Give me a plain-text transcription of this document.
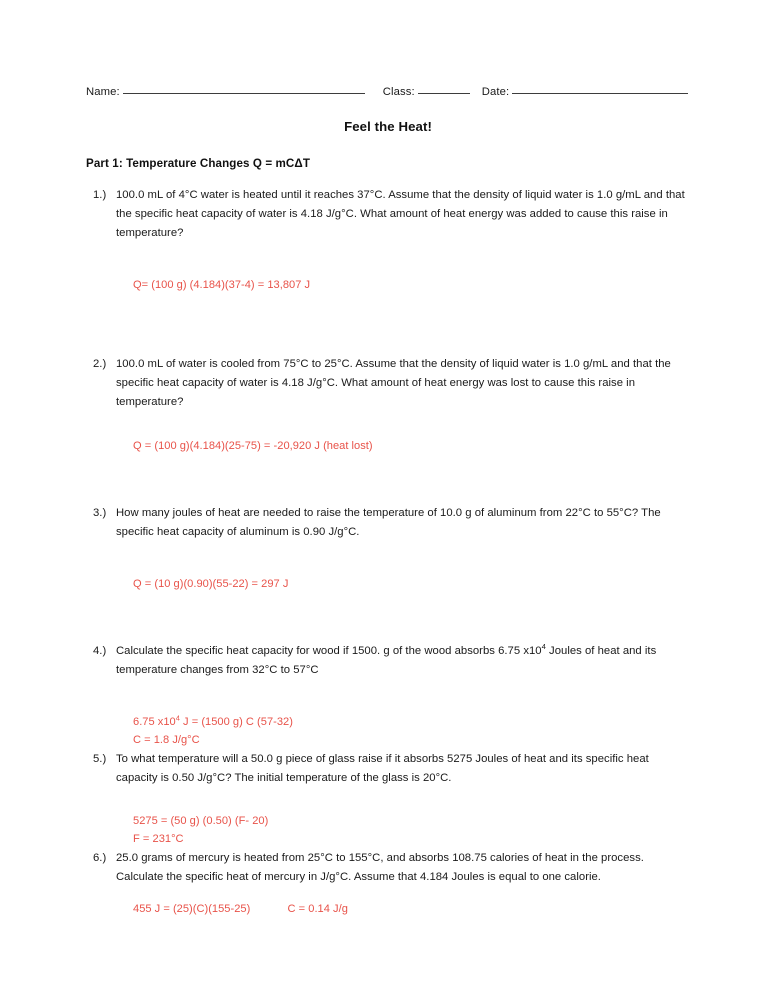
Name:	Class:	Date:
Feel the Heat!
Part 1: Temperature Changes Q = mCΔT
1.) 100.0 mL of 4°C water is heated until it reaches 37°C. Assume that the density of liquid water is 1.0 g/mL and that the specific heat capacity of water is 4.18 J/g°C. What amount of heat energy was added to cause this raise in temperature?
Q= (100 g) (4.184)(37-4) = 13,807 J
2.) 100.0 mL of water is cooled from 75°C to 25°C. Assume that the density of liquid water is 1.0 g/mL and that the specific heat capacity of water is 4.18 J/g°C. What amount of heat energy was lost to cause this raise in temperature?
Q = (100 g)(4.184)(25-75) = -20,920 J (heat lost)
3.) How many joules of heat are needed to raise the temperature of 10.0 g of aluminum from 22°C to 55°C? The specific heat capacity of aluminum is 0.90 J/g°C.
Q = (10 g)(0.90)(55-22) = 297 J
4.) Calculate the specific heat capacity for wood if 1500. g of the wood absorbs 6.75 $x10^4$ Joules of heat and its temperature changes from 32°C to 57°C
6.75 $x10^4$ J = (1500 g) C (57-32)
C = 1.8 J/g°C
5.) To what temperature will a 50.0 g piece of glass raise if it absorbs 5275 Joules of heat and its specific heat capacity is 0.50 J/g°C? The initial temperature of the glass is 20°C.
5275 = (50 g) (0.50) (F- 20)
F = 231°C
6.) 25.0 grams of mercury is heated from 25°C to 155°C, and absorbs 108.75 calories of heat in the process. Calculate the specific heat of mercury in J/g°C. Assume that 4.184 Joules is equal to one calorie.
455 J = (25)(C)(155-25)            C = 0.14 J/g
